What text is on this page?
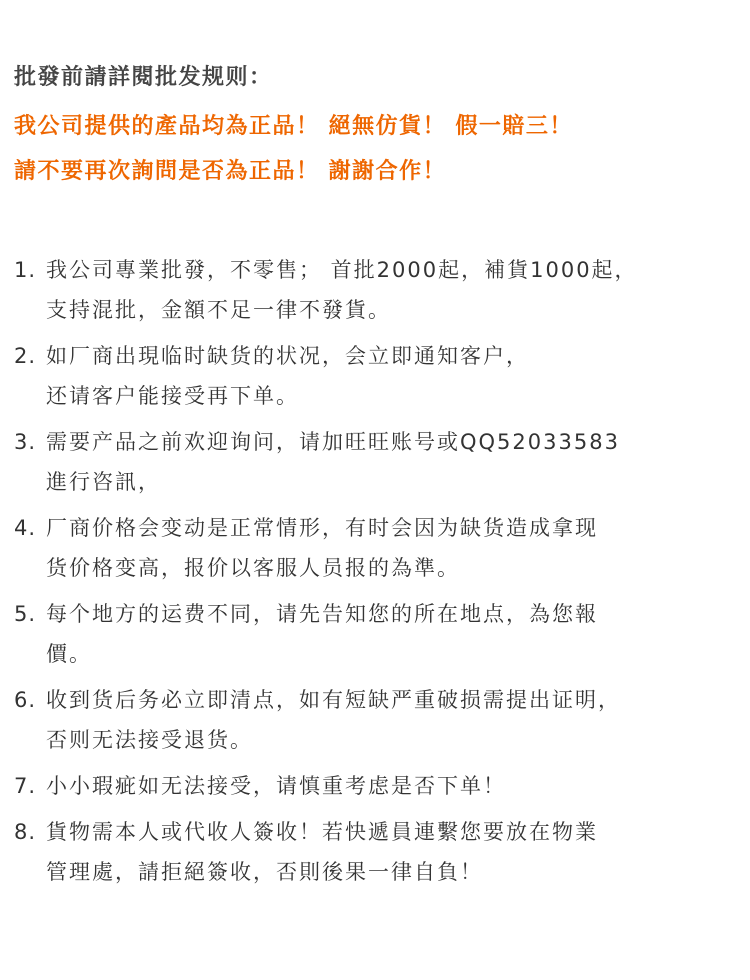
批發前請詳閱批发规则：
我公司提供的產品均為正品！ 絕無仿貨！ 假一賠三！
請不要再次詢問是否為正品！ 謝謝合作！
1. 我公司專業批發，不零售； 首批2000起，補貨1000起，
支持混批，金額不足一律不發貨。
2. 如厂商出現临时缺货的状况，会立即通知客户，
还请客户能接受再下单。
3. 需要产品之前欢迎询问，请加旺旺账号或QQ52033583
進行咨訊，
4. 厂商价格会变动是正常情形，有时会因为缺货造成拿现
货价格变高，报价以客服人员报的為準。
5. 每个地方的运费不同，请先告知您的所在地点，為您報
價。
6. 收到货后务必立即清点，如有短缺严重破损需提出证明，
否则无法接受退货。
7. 小小瑕疵如无法接受，请慎重考虑是否下单！
8. 貨物需本人或代收人簽收！若快遞員連繫您要放在物業
管理處，請拒絕簽收，否則後果一律自負！
